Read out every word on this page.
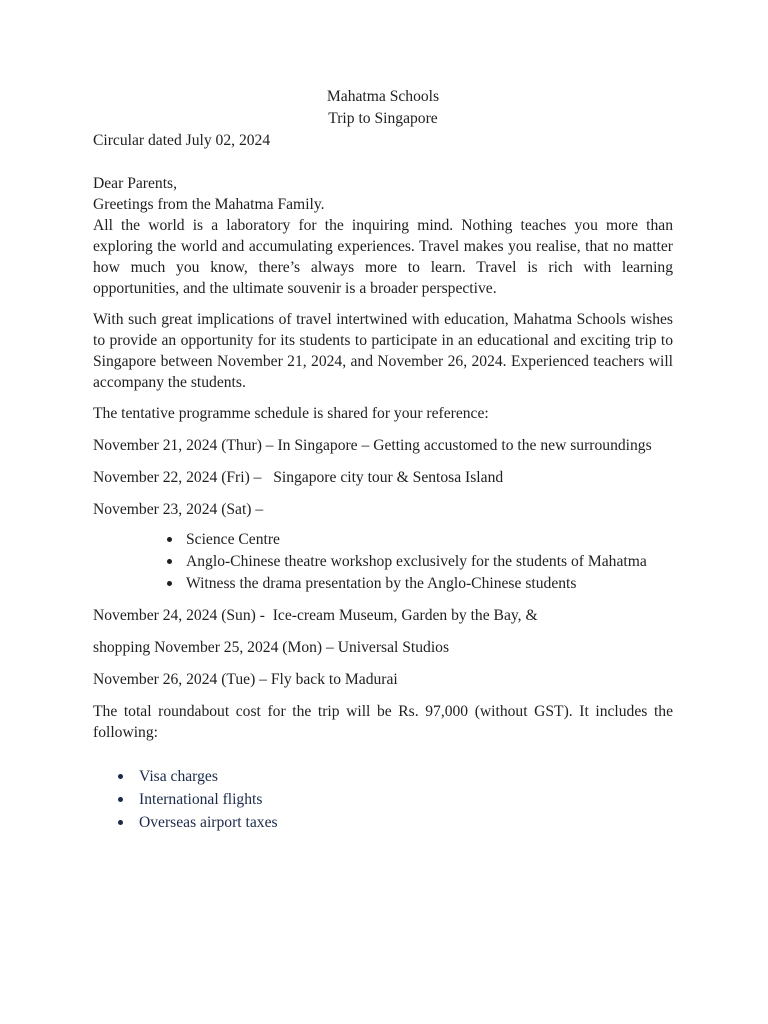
Mahatma Schools

Trip to Singapore

Circular dated July 02, 2024

Dear Parents,

Greetings from the Mahatma Family.

All the world is a laboratory for the inquiring mind. Nothing teaches you more than exploring the world and accumulating experiences. Travel makes you realise, that no matter how much you know, there’s always more to learn. Travel is rich with learning opportunities, and the ultimate souvenir is a broader perspective.

With such great implications of travel intertwined with education, Mahatma Schools wishes to provide an opportunity for its students to participate in an educational and exciting trip to Singapore between November 21, 2024, and November 26, 2024. Experienced teachers will accompany the students.

The tentative programme schedule is shared for your reference:

November 21, 2024 (Thur) – In Singapore – Getting accustomed to the new surroundings

November 22, 2024 (Fri) – Singapore city tour & Sentosa Island

November 23, 2024 (Sat) –

Science Centre
Anglo-Chinese theatre workshop exclusively for the students of Mahatma
Witness the drama presentation by the Anglo-Chinese students

November 24, 2024 (Sun) - Ice-cream Museum, Garden by the Bay, &

shopping November 25, 2024 (Mon) – Universal Studios

November 26, 2024 (Tue) – Fly back to Madurai

The total roundabout cost for the trip will be Rs. 97,000 (without GST). It includes the following:

Visa charges
International flights
Overseas airport taxes
